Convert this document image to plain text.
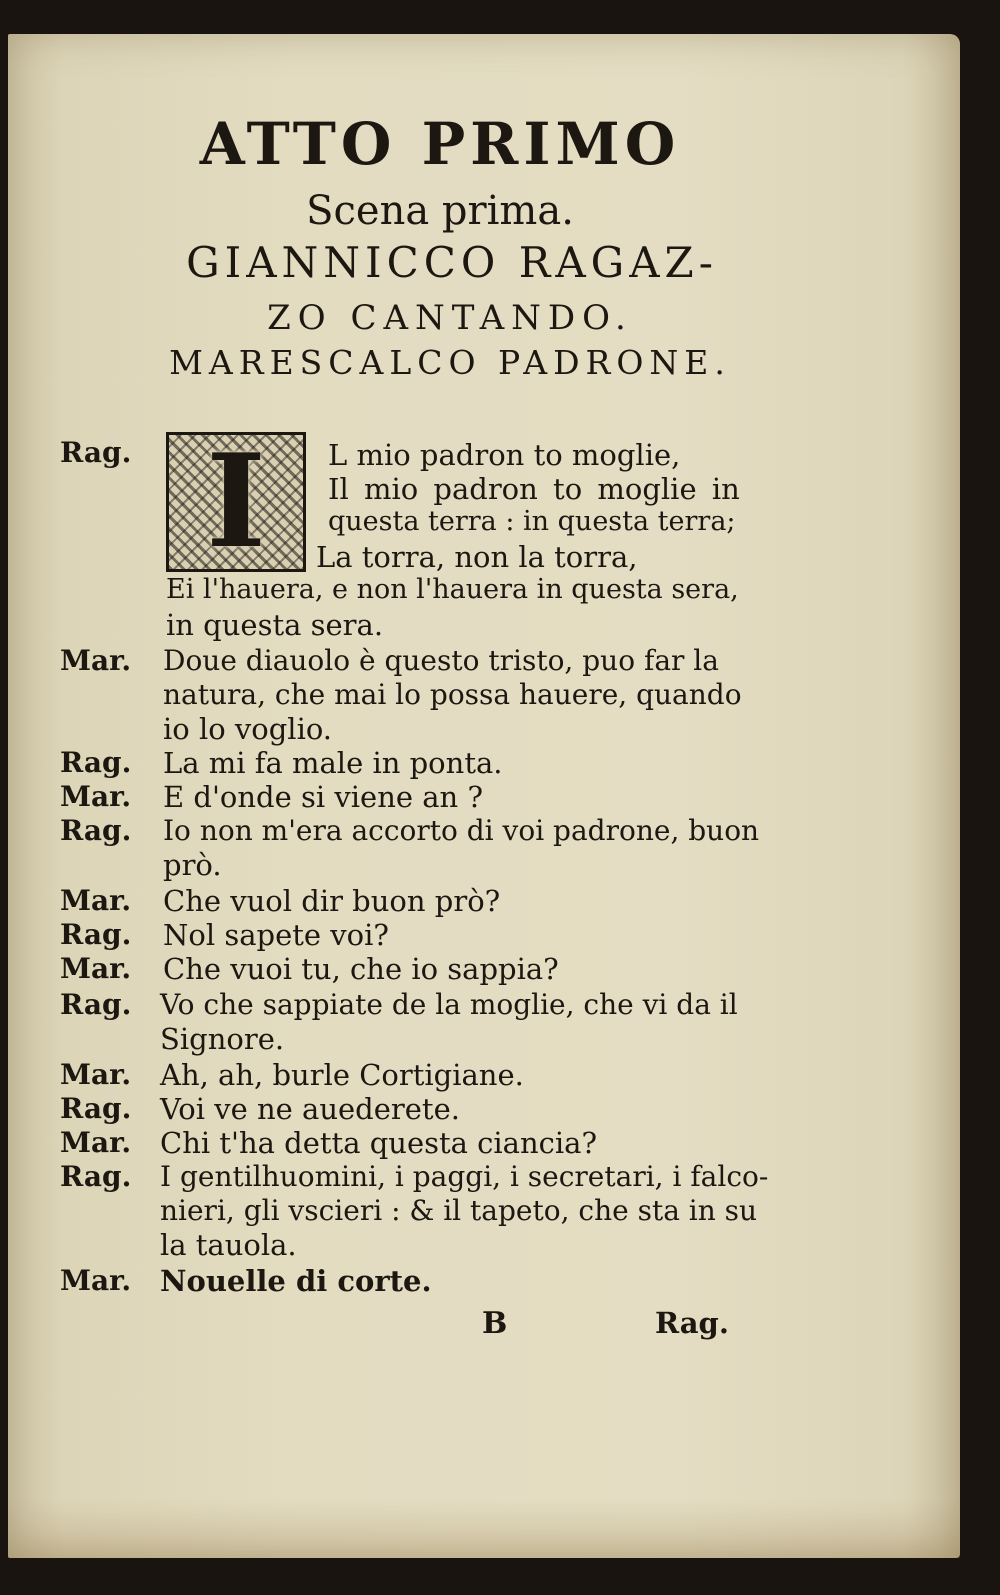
ATTO PRIMO
Scena prima.
GIANNICCO RAGAZ-
ZO CANTANDO.
MARESCALCO PADRONE.
I
Rag.	L mio padron to moglie,
Il mio padron to moglie in
questa terra : in questa terra;
La torra, non la torra,
Ei l'hauera, e non l'hauera in questa sera,
in questa sera.
Mar. Doue diauolo è questo tristo, puo far la
natura, che mai lo possa hauere, quando
io lo voglio.
Rag. La mi fa male in ponta.
Mar. E d'onde si viene an ?
Rag. Io non m'era accorto di voi padrone, buon
prò.
Mar. Che vuol dir buon prò?
Rag. Nol sapete voi?
Mar. Che vuoi tu, che io sappia?
Rag. Vo che sappiate de la moglie, che vi da il
Signore.
Mar. Ah, ah, burle Cortigiane.
Rag. Voi ve ne auederete.
Mar. Chi t'ha detta questa ciancia?
Rag. I gentilhuomini, i paggi, i secretari, i falco-
nieri, gli vscieri : & il tapeto, che sta in su
la tauola.
Mar. Nouelle di corte.
B	Rag.
